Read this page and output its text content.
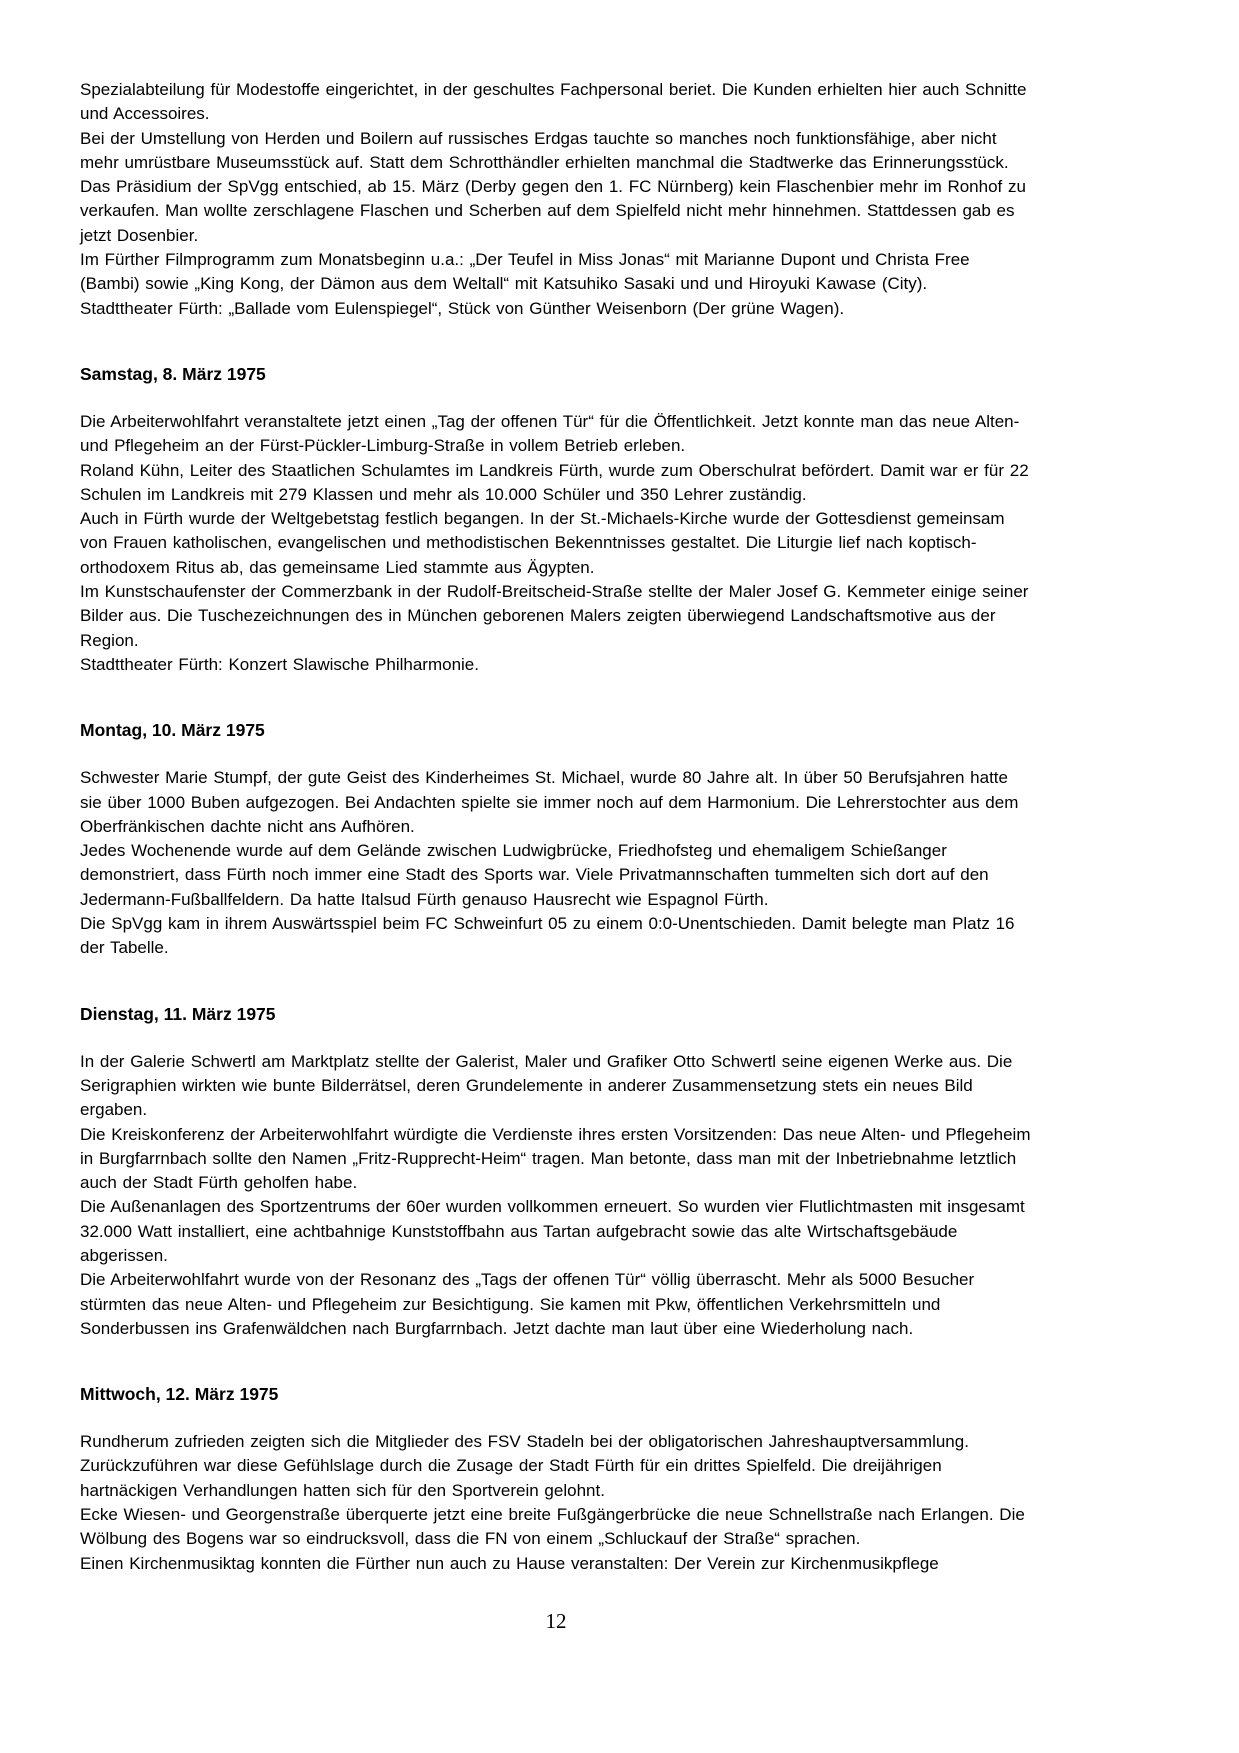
Spezialabteilung für Modestoffe eingerichtet, in der geschultes Fachpersonal beriet. Die Kunden erhielten hier auch Schnitte und Accessoires.

Bei der Umstellung von Herden und Boilern auf russisches Erdgas tauchte so manches noch funktionsfähige, aber nicht mehr umrüstbare Museumsstück auf. Statt dem Schrotthändler erhielten manchmal die Stadtwerke das Erinnerungsstück.

Das Präsidium der SpVgg entschied, ab 15. März (Derby gegen den 1. FC Nürnberg) kein Flaschenbier mehr im Ronhof zu verkaufen. Man wollte zerschlagene Flaschen und Scherben auf dem Spielfeld nicht mehr hinnehmen. Stattdessen gab es jetzt Dosenbier.

Im Fürther Filmprogramm zum Monatsbeginn u.a.: „Der Teufel in Miss Jonas“ mit Marianne Dupont und Christa Free (Bambi) sowie „King Kong, der Dämon aus dem Weltall“ mit Katsuhiko Sasaki und und Hiroyuki Kawase (City).

Stadttheater Fürth: „Ballade vom Eulenspiegel“, Stück von Günther Weisenborn (Der grüne Wagen).

Samstag, 8. März 1975

Die Arbeiterwohlfahrt veranstaltete jetzt einen „Tag der offenen Tür“ für die Öffentlichkeit. Jetzt konnte man das neue Alten- und Pflegeheim an der Fürst-Pückler-Limburg-Straße in vollem Betrieb erleben.

Roland Kühn, Leiter des Staatlichen Schulamtes im Landkreis Fürth, wurde zum Oberschulrat befördert. Damit war er für 22 Schulen im Landkreis mit 279 Klassen und mehr als 10.000 Schüler und 350 Lehrer zuständig.

Auch in Fürth wurde der Weltgebetstag festlich begangen. In der St.-Michaels-Kirche wurde der Gottesdienst gemeinsam von Frauen katholischen, evangelischen und methodistischen Bekenntnisses gestaltet. Die Liturgie lief nach koptisch-orthodoxem Ritus ab, das gemeinsame Lied stammte aus Ägypten.

Im Kunstschaufenster der Commerzbank in der Rudolf-Breitscheid-Straße stellte der Maler Josef G. Kemmeter einige seiner Bilder aus. Die Tuschezeichnungen des in München geborenen Malers zeigten überwiegend Landschaftsmotive aus der Region.

Stadttheater Fürth: Konzert Slawische Philharmonie.

Montag, 10. März 1975

Schwester Marie Stumpf, der gute Geist des Kinderheimes St. Michael, wurde 80 Jahre alt. In über 50 Berufsjahren hatte sie über 1000 Buben aufgezogen. Bei Andachten spielte sie immer noch auf dem Harmonium. Die Lehrerstochter aus dem Oberfränkischen dachte nicht ans Aufhören.

Jedes Wochenende wurde auf dem Gelände zwischen Ludwigbrücke, Friedhofsteg und ehemaligem Schießanger demonstriert, dass Fürth noch immer eine Stadt des Sports war. Viele Privatmannschaften tummelten sich dort auf den Jedermann-Fußballfeldern. Da hatte Italsud Fürth genauso Hausrecht wie Espagnol Fürth.

Die SpVgg kam in ihrem Auswärtsspiel beim FC Schweinfurt 05 zu einem 0:0-Unentschieden. Damit belegte man Platz 16 der Tabelle.

Dienstag, 11. März 1975

In der Galerie Schwertl am Marktplatz stellte der Galerist, Maler und Grafiker Otto Schwertl seine eigenen Werke aus. Die Serigraphien wirkten wie bunte Bilderrätsel, deren Grundelemente in anderer Zusammensetzung stets ein neues Bild ergaben.

Die Kreiskonferenz der Arbeiterwohlfahrt würdigte die Verdienste ihres ersten Vorsitzenden: Das neue Alten- und Pflegeheim in Burgfarrnbach sollte den Namen „Fritz-Rupprecht-Heim“ tragen. Man betonte, dass man mit der Inbetriebnahme letztlich auch der Stadt Fürth geholfen habe.

Die Außenanlagen des Sportzentrums der 60er wurden vollkommen erneuert. So wurden vier Flutlichtmasten mit insgesamt 32.000 Watt installiert, eine achtbahnige Kunststoffbahn aus Tartan aufgebracht sowie das alte Wirtschaftsgebäude abgerissen.

Die Arbeiterwohlfahrt wurde von der Resonanz des „Tags der offenen Tür“ völlig überrascht. Mehr als 5000 Besucher stürmten das neue Alten- und Pflegeheim zur Besichtigung. Sie kamen mit Pkw, öffentlichen Verkehrsmitteln und Sonderbussen ins Grafenwäldchen nach Burgfarrnbach. Jetzt dachte man laut über eine Wiederholung nach.

Mittwoch, 12. März 1975

Rundherum zufrieden zeigten sich die Mitglieder des FSV Stadeln bei der obligatorischen Jahreshauptversammlung. Zurückzuführen war diese Gefühlslage durch die Zusage der Stadt Fürth für ein drittes Spielfeld. Die dreijährigen hartnäckigen Verhandlungen hatten sich für den Sportverein gelohnt.

Ecke Wiesen- und Georgenstraße überquerte jetzt eine breite Fußgängerbrücke die neue Schnellstraße nach Erlangen. Die Wölbung des Bogens war so eindrucksvoll, dass die FN von einem „Schluckauf der Straße“ sprachen.

Einen Kirchenmusiktag konnten die Fürther nun auch zu Hause veranstalten: Der Verein zur Kirchenmusikpflege

12
